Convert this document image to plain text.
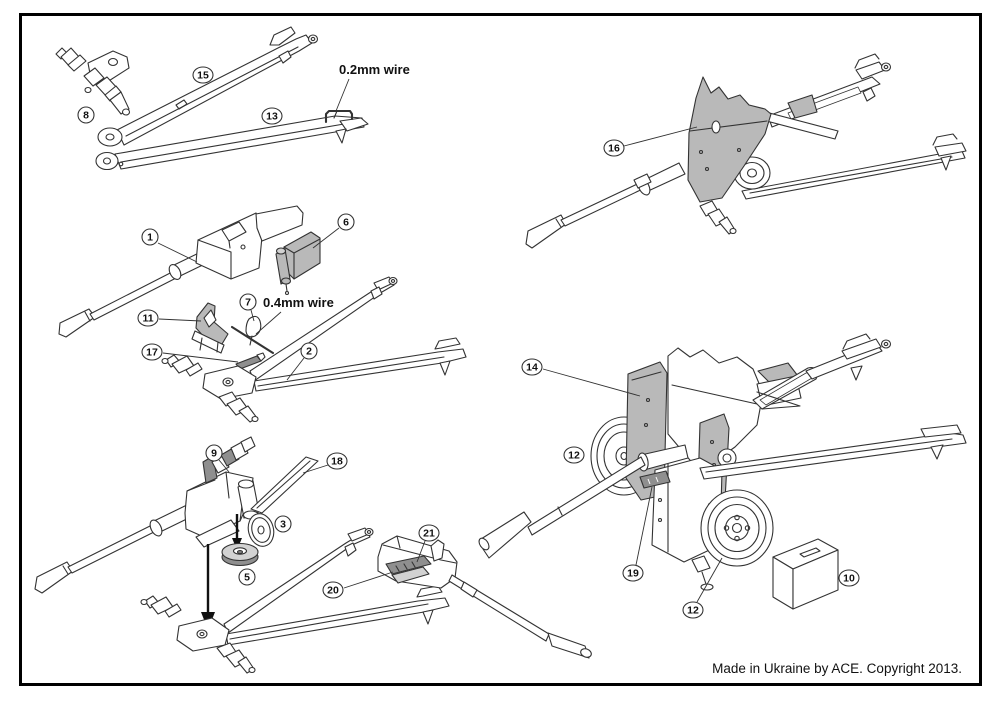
0.2mm wire
0.4mm wire
8
15
13
1
6
11
7
17	2
9
18
3
5
16
14
12
19
12
10
21
20
Made in Ukraine by ACE. Copyright 2013.
